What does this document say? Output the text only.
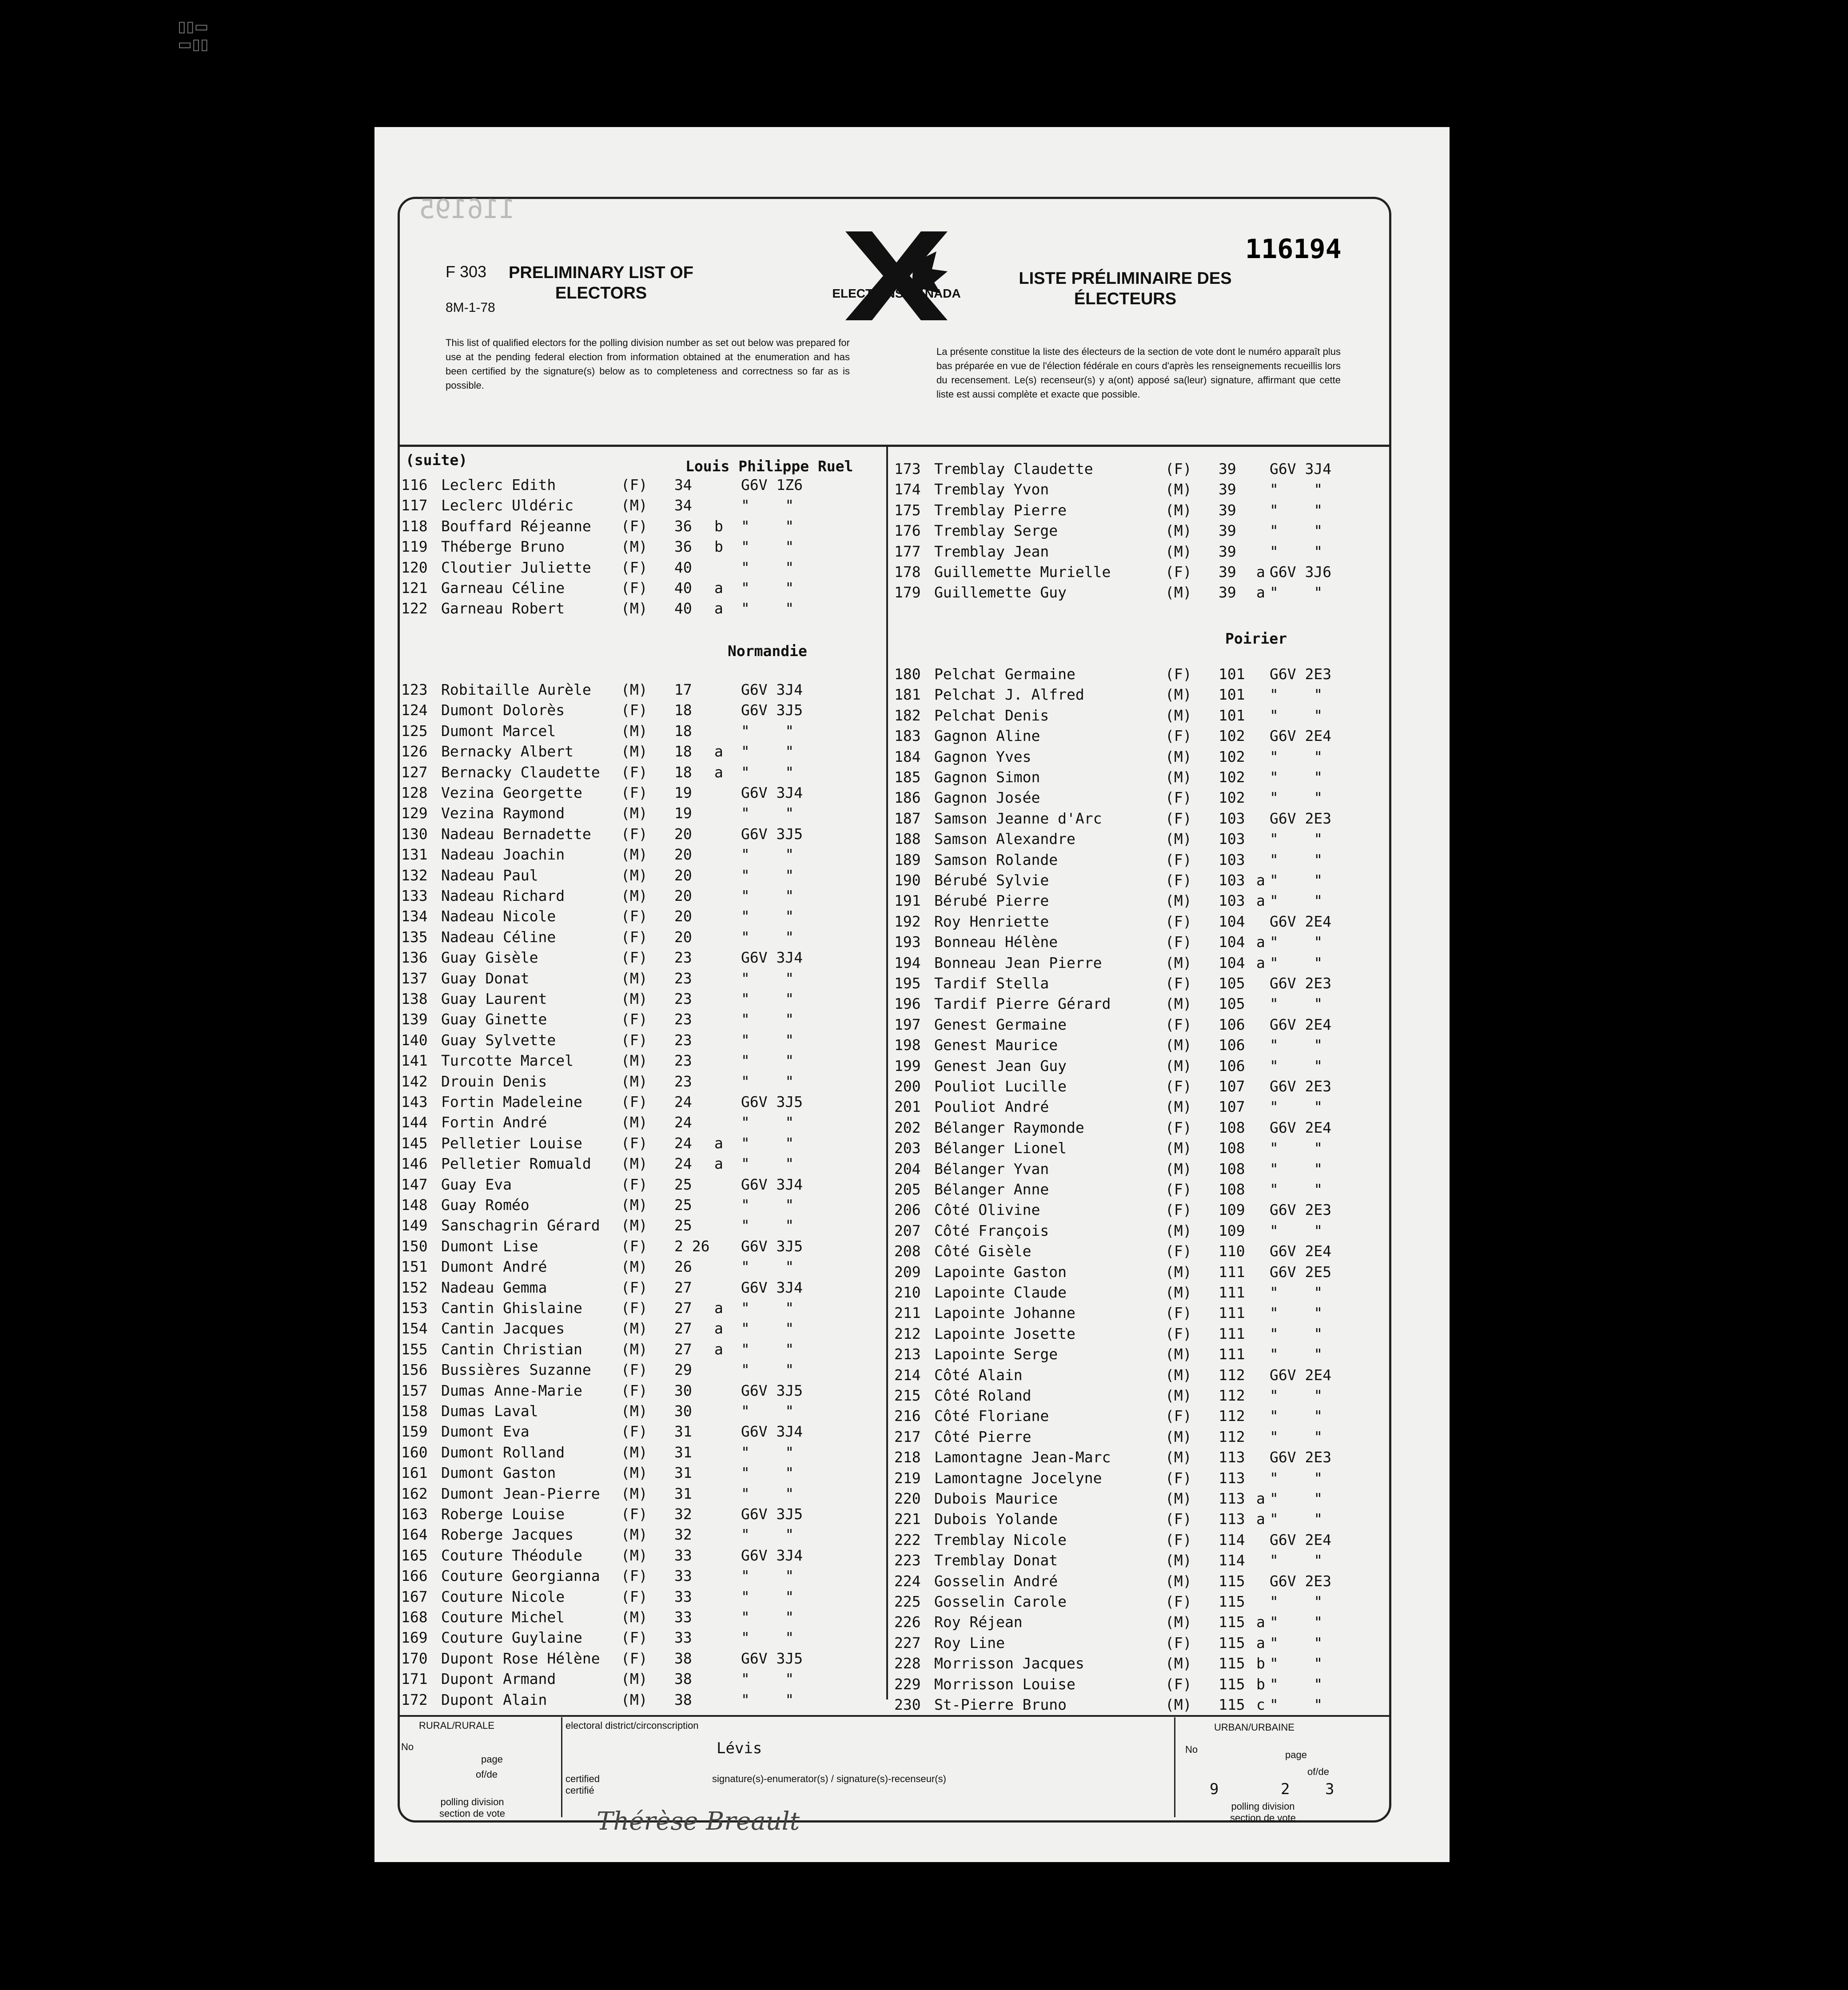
▯▯▭
▭▯▯
116195
F 303
8M-1-78
PRELIMINARY LIST OF ELECTORS
LISTE PRÉLIMINAIRE DES ÉLECTEURS
116194
ELECTIONS CANADA
This list of qualified electors for the polling division number as set out below was prepared for use at the pending federal election from information obtained at the enumeration and has been certified by the signature(s) below as to completeness and correctness so far as is possible.
La présente constitue la liste des électeurs de la section de vote dont le numéro apparaît plus bas préparée en vue de l'élection fédérale en cours d'après les renseignements recueillis lors du recensement. Le(s) recenseur(s) y a(ont) apposé sa(leur) signature, affirmant que cette liste est aussi complète et exacte que possible.
(suite)	Louis Philippe Ruel
Normandie
Poirier
116 Leclerc Edith	(F) 34	G6V 1Z6
117 Leclerc Uldéric	(M) 34	"    "
118 Bouffard Réjeanne (F) 36 b "    "
119 Théberge Bruno	(M) 36 b "    "
120 Cloutier Juliette (F) 40	"    "
121 Garneau Céline	(F) 40 a "    "
122 Garneau Robert	(M) 40 a "    "
123 Robitaille Aurèle (M) 17	G6V 3J4
124 Dumont Dolorès	(F) 18	G6V 3J5
125 Dumont Marcel	(M) 18	"    "
126 Bernacky Albert	(M) 18 a "    "
127 Bernacky Claudette (F) 18 a "    "
128 Vezina Georgette	(F) 19	G6V 3J4
129 Vezina Raymond	(M) 19	"    "
130 Nadeau Bernadette (F) 20	G6V 3J5
131 Nadeau Joachin	(M) 20	"    "
132 Nadeau Paul	(M) 20	"    "
133 Nadeau Richard	(M) 20	"    "
134 Nadeau Nicole	(F) 20	"    "
135 Nadeau Céline	(F) 20	"    "
136 Guay Gisèle	(F) 23	G6V 3J4
137 Guay Donat	(M) 23	"    "
138 Guay Laurent	(M) 23	"    "
139 Guay Ginette	(F) 23	"    "
140 Guay Sylvette	(F) 23	"    "
141 Turcotte Marcel	(M) 23	"    "
142 Drouin Denis	(M) 23	"    "
143 Fortin Madeleine	(F) 24	G6V 3J5
144 Fortin André	(M) 24	"    "
145 Pelletier Louise	(F) 24 a "    "
146 Pelletier Romuald (M) 24 a "    "
147 Guay Eva	(F) 25	G6V 3J4
148 Guay Roméo	(M) 25	"    "
149 Sanschagrin Gérard (M) 25	"    "
150 Dumont Lise	(F) 2 26 G6V 3J5
151 Dumont André	(M) 26	"    "
152 Nadeau Gemma	(F) 27	G6V 3J4
153 Cantin Ghislaine	(F) 27 a "    "
154 Cantin Jacques	(M) 27 a "    "
155 Cantin Christian	(M) 27 a "    "
156 Bussières Suzanne (F) 29	"    "
157 Dumas Anne-Marie	(F) 30	G6V 3J5
158 Dumas Laval	(M) 30	"    "
159 Dumont Eva	(F) 31	G6V 3J4
160 Dumont Rolland	(M) 31	"    "
161 Dumont Gaston	(M) 31	"    "
162 Dumont Jean-Pierre (M) 31	"    "
163 Roberge Louise	(F) 32	G6V 3J5
164 Roberge Jacques	(M) 32	"    "
165 Couture Théodule	(M) 33	G6V 3J4
166 Couture Georgianna (F) 33	"    "
167 Couture Nicole	(F) 33	"    "
168 Couture Michel	(M) 33	"    "
169 Couture Guylaine	(F) 33	"    "
170 Dupont Rose Hélène (F) 38	G6V 3J5
171 Dupont Armand	(M) 38	"    "
172 Dupont Alain	(M) 38	"    "
173 Tremblay Claudette	(F) 39 G6V 3J4
174 Tremblay Yvon	(M) 39 "    "
175 Tremblay Pierre	(M) 39 "    "
176 Tremblay Serge	(M) 39 "    "
177 Tremblay Jean	(M) 39 "    "
178 Guillemette Murielle	(F) 39 a G6V 3J6
179 Guillemette Guy	(M) 39 a "    "
180 Pelchat Germaine	(F) 101 G6V 2E3
181 Pelchat J. Alfred	(M) 101 "    "
182 Pelchat Denis	(M) 101 "    "
183 Gagnon Aline	(F) 102 G6V 2E4
184 Gagnon Yves	(M) 102 "    "
185 Gagnon Simon	(M) 102 "    "
186 Gagnon Josée	(F) 102 "    "
187 Samson Jeanne d'Arc	(F) 103 G6V 2E3
188 Samson Alexandre	(M) 103 "    "
189 Samson Rolande	(F) 103 "    "
190 Bérubé Sylvie	(F) 103 a "    "
191 Bérubé Pierre	(M) 103 a "    "
192 Roy Henriette	(F) 104 G6V 2E4
193 Bonneau Hélène	(F) 104 a "    "
194 Bonneau Jean Pierre	(M) 104 a "    "
195 Tardif Stella	(F) 105 G6V 2E3
196 Tardif Pierre Gérard	(M) 105 "    "
197 Genest Germaine	(F) 106 G6V 2E4
198 Genest Maurice	(M) 106 "    "
199 Genest Jean Guy	(M) 106 "    "
200 Pouliot Lucille	(F) 107 G6V 2E3
201 Pouliot André	(M) 107 "    "
202 Bélanger Raymonde	(F) 108 G6V 2E4
203 Bélanger Lionel	(M) 108 "    "
204 Bélanger Yvan	(M) 108 "    "
205 Bélanger Anne	(F) 108 "    "
206 Côté Olivine	(F) 109 G6V 2E3
207 Côté François	(M) 109 "    "
208 Côté Gisèle	(F) 110 G6V 2E4
209 Lapointe Gaston	(M) 111 G6V 2E5
210 Lapointe Claude	(M) 111 "    "
211 Lapointe Johanne	(F) 111 "    "
212 Lapointe Josette	(F) 111 "    "
213 Lapointe Serge	(M) 111 "    "
214 Côté Alain	(M) 112 G6V 2E4
215 Côté Roland	(M) 112 "    "
216 Côté Floriane	(F) 112 "    "
217 Côté Pierre	(M) 112 "    "
218 Lamontagne Jean-Marc	(M) 113 G6V 2E3
219 Lamontagne Jocelyne	(F) 113 "    "
220 Dubois Maurice	(M) 113 a "    "
221 Dubois Yolande	(F) 113 a "    "
222 Tremblay Nicole	(F) 114 G6V 2E4
223 Tremblay Donat	(M) 114 "    "
224 Gosselin André	(M) 115 G6V 2E3
225 Gosselin Carole	(F) 115 "    "
226 Roy Réjean	(M) 115 a "    "
227 Roy Line	(F) 115 a "    "
228 Morrisson Jacques	(M) 115 b "    "
229 Morrisson Louise	(F) 115 b "    "
230 St-Pierre Bruno	(M) 115 c "    "
RURAL/RURALE
No
page
of/de
polling division section de vote
electoral district/circonscription
Lévis
certified certifié
signature(s)-enumerator(s) / signature(s)-recenseur(s)
URBAN/URBAINE
No	page
of/de
9	2 3
polling division section de vote
Thérèse Breault
